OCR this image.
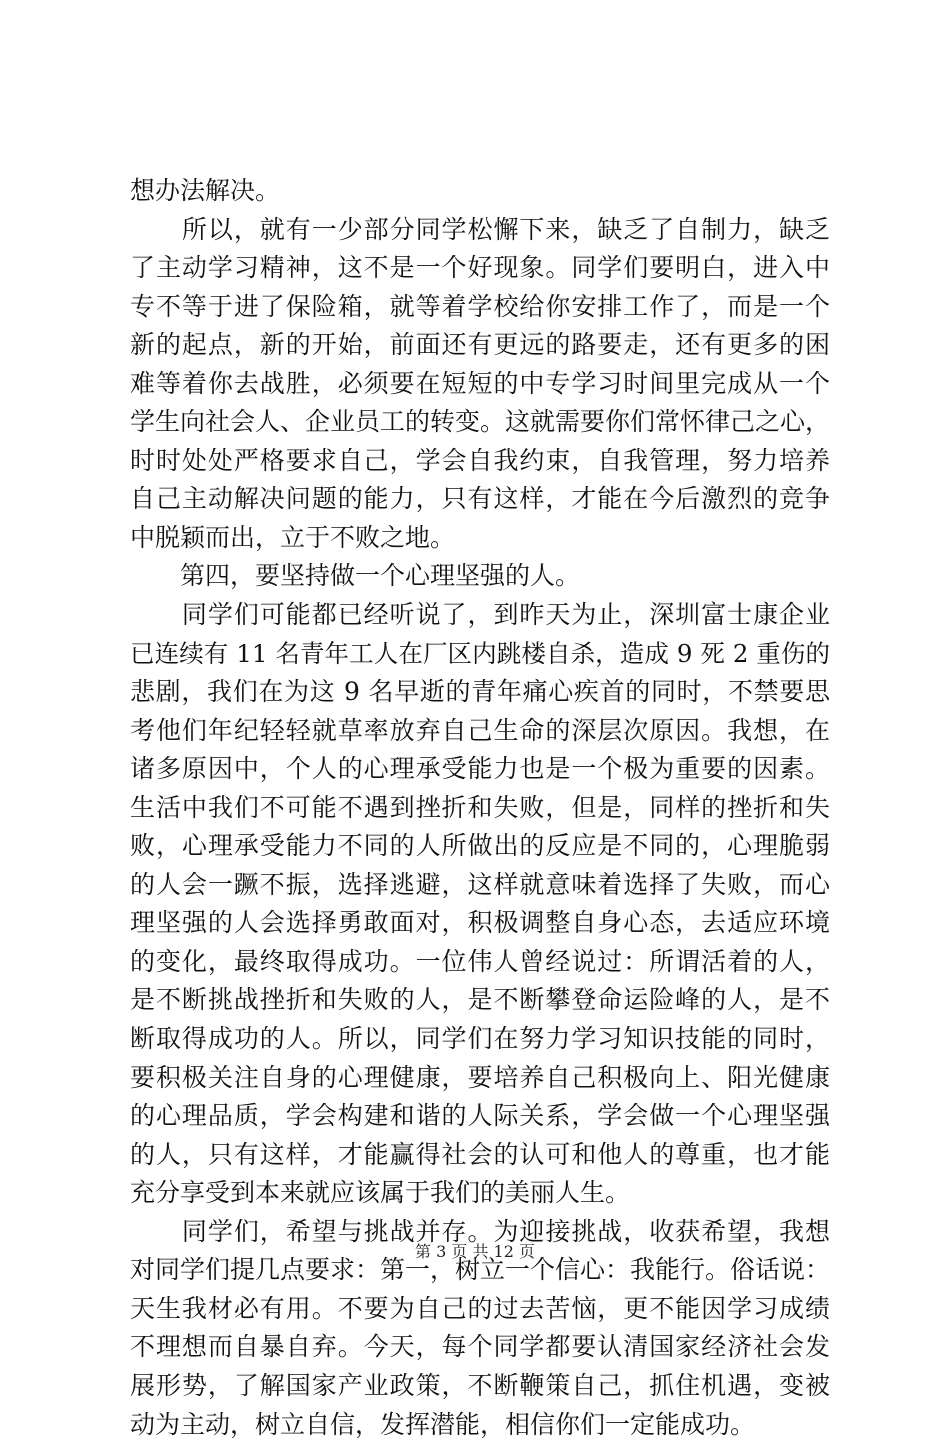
想办法解决。
　　所以，就有一少部分同学松懈下来，缺乏了自制力，缺乏
了主动学习精神，这不是一个好现象。同学们要明白，进入中
专不等于进了保险箱，就等着学校给你安排工作了，而是一个
新的起点，新的开始，前面还有更远的路要走，还有更多的困
难等着你去战胜，必须要在短短的中专学习时间里完成从一个
学生向社会人、企业员工的转变。这就需要你们常怀律己之心，
时时处处严格要求自己，学会自我约束，自我管理，努力培养
自己主动解决问题的能力，只有这样，才能在今后激烈的竞争
中脱颖而出，立于不败之地。
　　第四，要坚持做一个心理坚强的人。
　　同学们可能都已经听说了，到昨天为止，深圳富士康企业
已连续有 11 名青年工人在厂区内跳楼自杀，造成 9 死 2 重伤的
悲剧，我们在为这 9 名早逝的青年痛心疾首的同时，不禁要思
考他们年纪轻轻就草率放弃自己生命的深层次原因。我想，在
诸多原因中，个人的心理承受能力也是一个极为重要的因素。
生活中我们不可能不遇到挫折和失败，但是，同样的挫折和失
败，心理承受能力不同的人所做出的反应是不同的，心理脆弱
的人会一蹶不振，选择逃避，这样就意味着选择了失败，而心
理坚强的人会选择勇敢面对，积极调整自身心态，去适应环境
的变化，最终取得成功。一位伟人曾经说过：所谓活着的人，
是不断挑战挫折和失败的人，是不断攀登命运险峰的人，是不
断取得成功的人。所以，同学们在努力学习知识技能的同时，
要积极关注自身的心理健康，要培养自己积极向上、阳光健康
的心理品质，学会构建和谐的人际关系，学会做一个心理坚强
的人，只有这样，才能赢得社会的认可和他人的尊重，也才能
充分享受到本来就应该属于我们的美丽人生。
　　同学们，希望与挑战并存。为迎接挑战，收获希望，我想
对同学们提几点要求：第一，树立一个信心：我能行。俗话说：
天生我材必有用。不要为自己的过去苦恼，更不能因学习成绩
不理想而自暴自弃。今天，每个同学都要认清国家经济社会发
展形势，了解国家产业政策，不断鞭策自己，抓住机遇，变被
动为主动，树立自信，发挥潜能，相信你们一定能成功。
第 3 页 共 12 页
